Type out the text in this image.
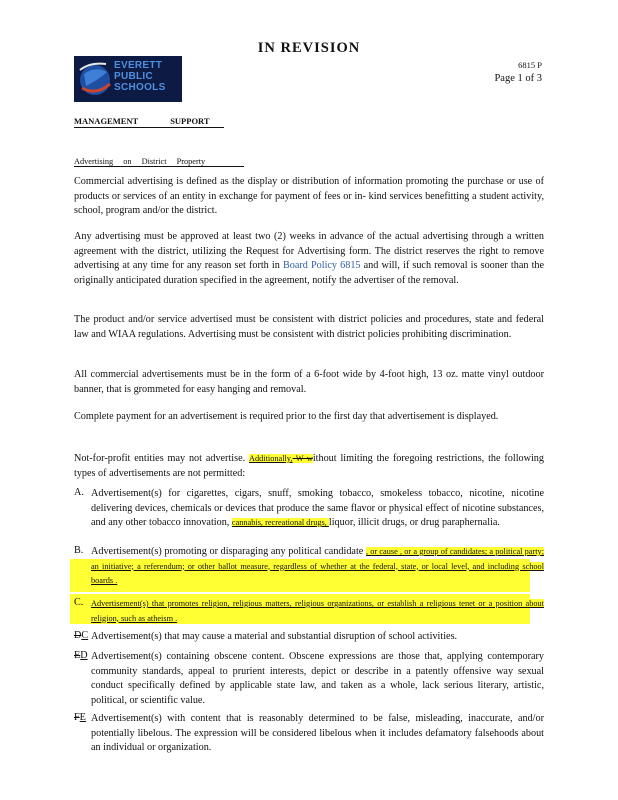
IN REVISION
EVERETT
PUBLIC
SCHOOLS
6815 P
Page 1 of 3
MANAGEMENT SUPPORT
Advertising on District Property

Commercial advertising is defined as the display or distribution of information promoting the purchase or use of products or services of an entity in exchange for payment of fees or in- kind services benefitting a student activity, school, program and/or the district.

Any advertising must be approved at least two (2) weeks in advance of the actual advertising through a written agreement with the district, utilizing the Request for Advertising form. The district reserves the right to remove advertising at any time for any reason set forth in Board Policy 6815 and will, if such removal is sooner than the originally anticipated duration specified in the agreement, notify the advertiser of the removal.

The product and/or service advertised must be consistent with district policies and procedures, state and federal law and WIAA regulations. Advertising must be consistent with district policies prohibiting discrimination.

All commercial advertisements must be in the form of a 6-foot wide by 4-foot high, 13 oz. matte vinyl outdoor banner, that is grommeted for easy hanging and removal.

Complete payment for an advertisement is required prior to the first day that advertisement is displayed.

Not-for-profit entities may not advertise. Additionally, W without limiting the foregoing restrictions, the following types of advertisements are not permitted:

A. Advertisement(s) for cigarettes, cigars, snuff, smoking tobacco, smokeless tobacco, nicotine, nicotine delivering devices, chemicals or devices that produce the same flavor or physical effect of nicotine substances, and any other tobacco innovation, cannabis, recreational drugs, liquor, illicit drugs, or drug paraphernalia.

B. Advertisement(s) promoting or disparaging any political candidate , or cause , or a group of candidates; a political party; an initiative; a referendum; or other ballot measure, regardless of whether at the federal, state, or local level, and including school boards .

C. Advertisement(s) that promotes religion, religious matters, religious organizations, or establish a religious tenet or a position about religion, such as atheism .

DC Advertisement(s) that may cause a material and substantial disruption of school activities.

ED Advertisement(s) containing obscene content. Obscene expressions are those that, applying contemporary community standards, appeal to prurient interests, depict or describe in a patently offensive way sexual conduct specifically defined by applicable state law, and taken as a whole, lack serious literary, artistic, political, or scientific value.

FE Advertisement(s) with content that is reasonably determined to be false, misleading, inaccurate, and/or potentially libelous. The expression will be considered libelous when it includes defamatory falsehoods about an individual or organization.
